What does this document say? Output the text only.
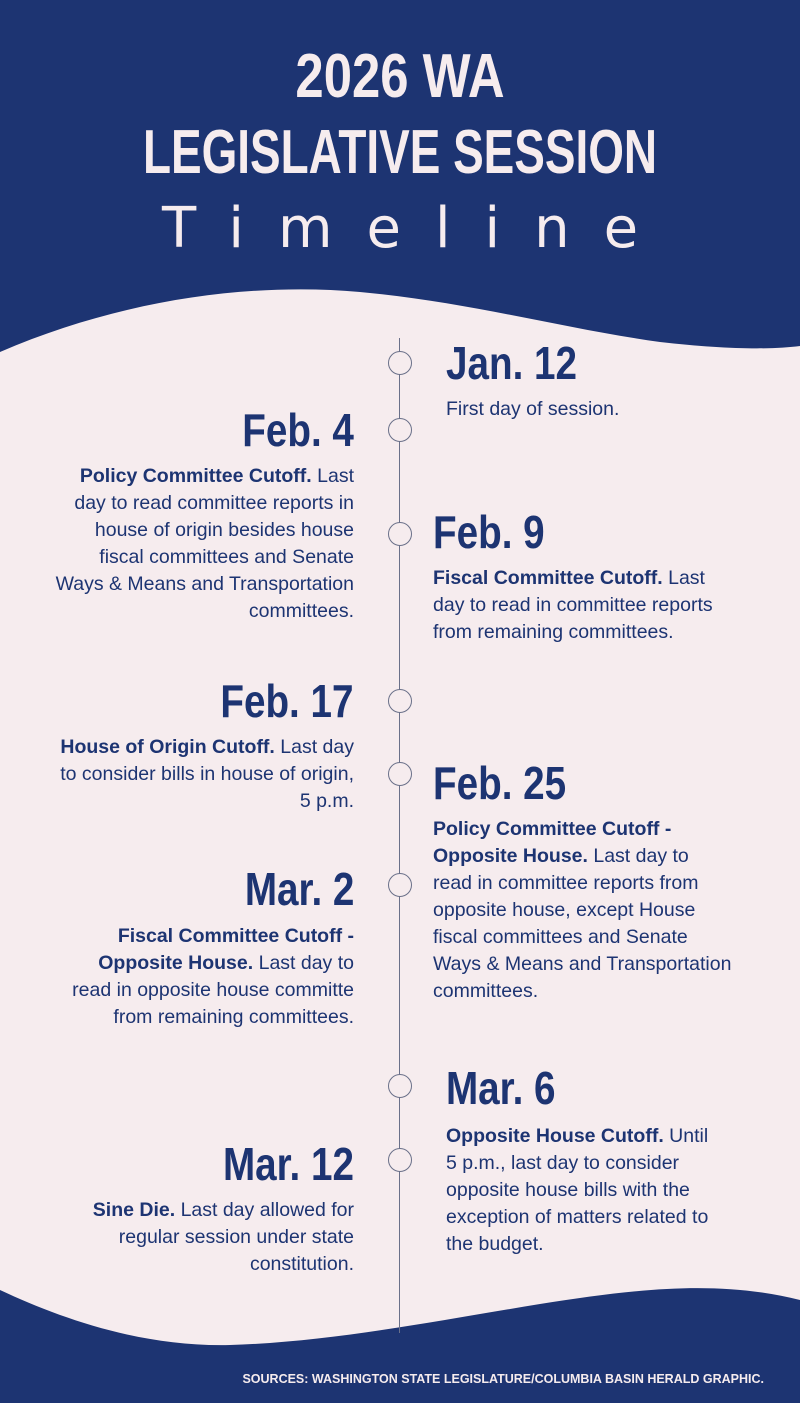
2026 WA
LEGISLATIVE SESSION
Timeline
Jan. 12
First day of session.
Feb. 4
Policy Committee Cutoff. Last day to read committee reports in house of origin besides house fiscal committees and Senate Ways & Means and Transportation committees.
Feb. 9
Fiscal Committee Cutoff. Last day to read in committee reports from remaining committees.
Feb. 17
House of Origin Cutoff. Last day to consider bills in house of origin, 5 p.m. Feb. 25
Policy Committee Cutoff - Opposite House. Last day to read in committee reports from opposite house, except House fiscal committees and Senate Ways & Means and Transportation committees.
Mar. 2
Fiscal Committee Cutoff - Opposite House. Last day to read in opposite house committe from remaining committees.
Mar. 6
Opposite House Cutoff. Until 5 p.m., last day to consider opposite house bills with the exception of matters related to the budget.
Mar. 12
Sine Die. Last day allowed for regular session under state constitution.
SOURCES: WASHINGTON STATE LEGISLATURE/COLUMBIA BASIN HERALD GRAPHIC.
